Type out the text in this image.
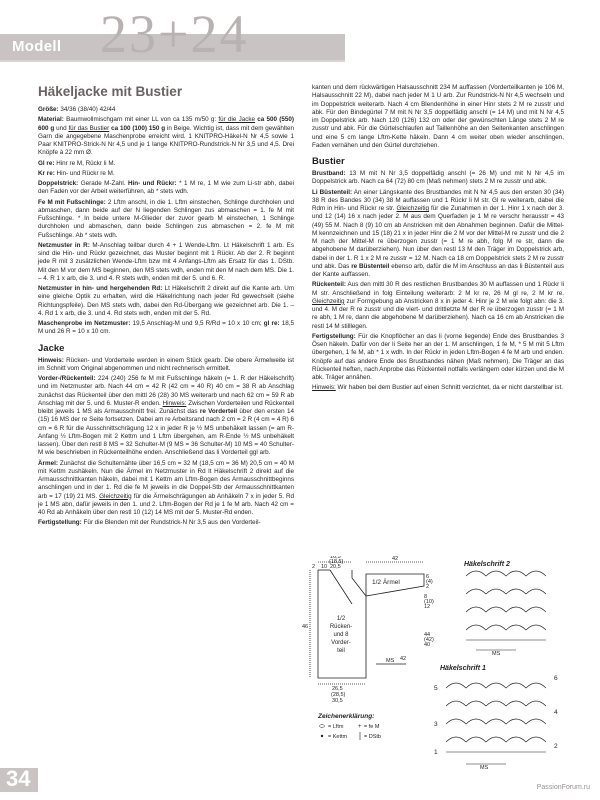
Modell 23+24
Häkeljacke mit Bustier

Größe: 34/36 (38/40) 42/44

Material: Baumwollmischgarn mit einer LL von ca 135 m/50 g: für die Jacke ca 500 (550) 600 g und für das Bustier ca 100 (100) 150 g in Beige. Wichtig ist, dass mit dem gewählten Garn die angegebene Maschenprobe erreicht wird. 1 KNITPRO-Häkel-N Nr 4,5 sowie 1 Paar KNITPRO-Strick-N Nr 4,5 und je 1 lange KNITPRO-Rundstrick-N Nr 3,5 und 4,5. Drei Knöpfe à 22 mm Ø.

Gl re: Hinr re M, Rückr li M.

Kr re: Hin- und Rückr re M.

Doppelstrick: Gerade M-Zahl. Hin- und Rückr: * 1 M re, 1 M wie zum Li-str abh, dabei den Faden vor der Arbeit weiterführen, ab * stets wdh.

Fe M mit Fußschlinge: 2 Lftm anschl, in die 1. Lftm einstechen, Schlinge durchholen und abmaschen, dann beide auf der N liegenden Schlingen zus abmaschen = 1. fe M mit Fußschlinge. * In beide untere M-Glieder der zuvor gearb M einstechen, 1 Schlinge durchholen und abmaschen, dann beide Schlingen zus abmaschen = 2. fe M mit Fußschlinge. Ab * stets wdh.

Netzmuster in R: M-Anschlag teilbar durch 4 + 1 Wende-Lftm. Lt Häkelschrift 1 arb. Es sind die Hin- und Rückr gezeichnet, das Muster beginnt mit 1 Rückr. Ab der 2. R beginnt jede R mit 3 zusätzlichen Wende-Lftm bzw mit 4 Anfangs-Lftm als Ersatz für das 1. DStb. Mit den M vor dem MS beginnen, den MS stets wdh, enden mit den M nach dem MS. Die 1. – 4. R 1 x arb, die 3. und 4. R stets wdh, enden mit der 5. und 6. R.

Netzmuster in hin- und hergehenden Rd: Lt Häkelschrift 2 direkt auf die Kante arb. Um eine gleiche Optik zu erhalten, wird die Häkelrichtung nach jeder Rd gewechselt (siehe Richtungspfeile). Den MS stets wdh, dabei den Rd-Übergang wie gezeichnet arb. Die 1. – 4. Rd 1 x arb, die 3. und 4. Rd stets wdh, enden mit der 5. Rd.

Maschenprobe im Netzmuster: 19,5 Anschlag-M und 9,5 R/Rd = 10 x 10 cm; gl re: 18,5 M und 26 R = 10 x 10 cm.

Jacke

Hinweis: Rücken- und Vorderteile werden in einem Stück gearb. Die obere Ärmelweite ist im Schnitt vom Original abgenommen und nicht rechnerisch ermittelt.

Vorder-/Rückenteil: 224 (240) 256 fe M mit Fußschlinge häkeln (= 1. R der Häkelschrift) und im Netzmuster arb. Nach 44 cm = 42 R (42 cm = 40 R) 40 cm = 38 R ab Anschlag zunächst das Rückenteil über den mittl 26 (28) 30 MS weiterarb und nach 62 cm = 59 R ab Anschlag mit der 5. und 6. Muster-R enden. Hinweis: Zwischen Vorderteilen und Rückenteil bleibt jeweils 1 MS als Armausschnitt frei. Zunächst das re Vorderteil über den ersten 14 (15) 16 MS der re Seite fortsetzen. Dabei am re Arbeitsrand nach 2 cm = 2 R (4 cm = 4 R) 6 cm = 6 R für die Ausschnittschrägung 12 x in jeder R je ½ MS unbehäkelt lassen (= am R-Anfang ½ Lftm-Bogen mit 2 Kettm und 1 Lftm übergehen, am R-Ende ½ MS unbehäkelt lassen). Über den restl 8 MS = 32 Schulter-M (9 MS = 36 Schulter-M) 10 MS = 40 Schulter-M wie beschrieben in Rückenteilhöhe enden. Anschließend das li Vorderteil ggl arb.

Ärmel: Zunächst die Schulternähte über 16,5 cm = 32 M (18,5 cm = 36 M) 20,5 cm = 40 M mit Kettm zushäkeln. Nun die Ärmel im Netzmuster in Rd lt Häkelschrift 2 direkt auf die Armausschnittkanten häkeln, dabei mit 1 Kettm am Lftm-Bogen des Armausschnittbeginns anschlingen und in der 1. Rd die fe M jeweils in die Doppel-Stb der Armausschnittkanten arb = 17 (19) 21 MS. Gleichzeitig für die Ärmelschrägungen ab Anhäkeln 7 x in jeder 5. Rd je 1 MS abn, dafür jeweils in den 1. und 2. Lftm-Bogen der Rd je 1 fe M arb. Nach 42 cm = 40 Rd ab Anhäkeln über den restl 10 (12) 14 MS mit der 5. Muster-Rd enden.

Fertigstellung: Für die Blenden mit der Rundstrick-N Nr 3,5 aus den Vorderteil-

kanten und dem rückwärtigen Halsausschnitt 234 M auffassen (Vorderteilkanten je 106 M, Halsausschnitt 22 M), dabei nach jeder M 1 U arb. Zur Rundstrick-N Nr 4,5 wechseln und im Doppelstrick weiterarb. Nach 4 cm Blendenhöhe in einer Hinr stets 2 M re zusstr und abk. Für den Bindegürtel 7 M mit N Nr 3,5 doppelfädig anschl (= 14 M) und mit N Nr 4,5 im Doppelstrick arb. Nach 120 (126) 132 cm oder der gewünschten Länge stets 2 M re zusstr und abk. Für die Gürtelschlaufen auf Taillenhöhe an den Seitenkanten anschlingen und eine 5 cm lange Lftm-Kette häkeln. Dann 4 cm weiter oben wieder anschlingen, Faden vernähen und den Gürtel durchziehen.

Bustier

Brustband: 13 M mit N Nr 3,5 doppelfädig anschl (= 26 M) und mit N Nr 4,5 im Doppelstrick arb. Nach ca 64 (72) 80 cm (Maß nehmen) stets 2 M re zusstr und abk.

Li Büstenteil: An einer Längskante des Brustbandes mit N Nr 4,5 aus den ersten 30 (34) 38 R des Bandes 30 (34) 38 M auffassen und 1 Rückr li M str. Gl re weiterarb, dabei die Rdm in Hin- und Rückr re str. Gleichzeitig für die Zunahmen in der 1. Hinr 1 x nach der 3. und 12 (14) 16 x nach jeder 2. M aus dem Querfaden je 1 M re verschr herausstr = 43 (49) 55 M. Nach 8 (9) 10 cm ab Anstricken mit den Abnahmen beginnen. Dafür die Mittel-M kennzeichnen und 15 (18) 21 x in jeder Hinr die 2 M vor der Mittel-M re zusstr und die 2 M nach der Mittel-M re überzogen zusstr (= 1 M re abh, folg M re str, dann die abgehobene M darüberziehen). Nun über den restl 13 M den Träger im Doppelstrick arb, dabei in der 1. R 1 x 2 M re zusstr = 12 M. Nach ca 18 cm Doppelstrick stets 2 M re zusstr und abk. Das re Büstenteil ebenso arb, dafür die M im Anschluss an das li Büstenteil aus der Kante auffassen.

Rückenteil: Aus den mittl 30 R des restlichen Brustbandes 30 M auffassen und 1 Rückr li M str. Anschließend in folg Einteilung weiterarb: 2 M kr re, 26 M gl re, 2 M kr re. Gleichzeitig zur Formgebung ab Anstricken 8 x in jeder 4. Hinr je 2 M wie folgt abn: die 3. und 4. M der R re zusstr und die viert- und drittletzte M der R re überzogen zusstr (= 1 M re abh, 1 M re, dann die abgehobene M darüberziehen). Nach ca 16 cm ab Anstricken die restl 14 M stilllegen.

Fertigstellung: Für die Knopflöcher an das li (vorne liegende) Ende des Brustbandes 3 Ösen häkeln. Dafür von der li Seite her an der 1. M anschlingen, 1 fe M, * 5 M mit 5 Lftm übergehen, 1 fe M, ab * 1 x wdh. In der Rückr in jeden Lftm-Bogen 4 fe M arb und enden. Knöpfe auf das andere Ende des Brustbandes nähen (Maß nehmen). Die Träger an das Rückenteil heften, nach Anprobe das Rückenteil notfalls verlängern oder kürzen und die M abk. Träger annähen.

Hinweis: Wir haben bei dem Bustier auf einen Schnitt verzichtet, da er nicht darstellbar ist.

16,5
(18,5)
20,5
42
2 10
46
6
(4)
2
8
(10)
12
44
(42)
40
42
1/2 Ärmel
1/2
Rücken-
und 8
Vorder-
teil
26,5
(28,5)
30,5
MS
Häkelschrift 2
MS
Häkelschrift 1
MS
5
3
6
4
2
1
Zeichenerklärung:
= Lftm
= Kettm
+ = fe M
= DStb
34	PassionForum.ru
